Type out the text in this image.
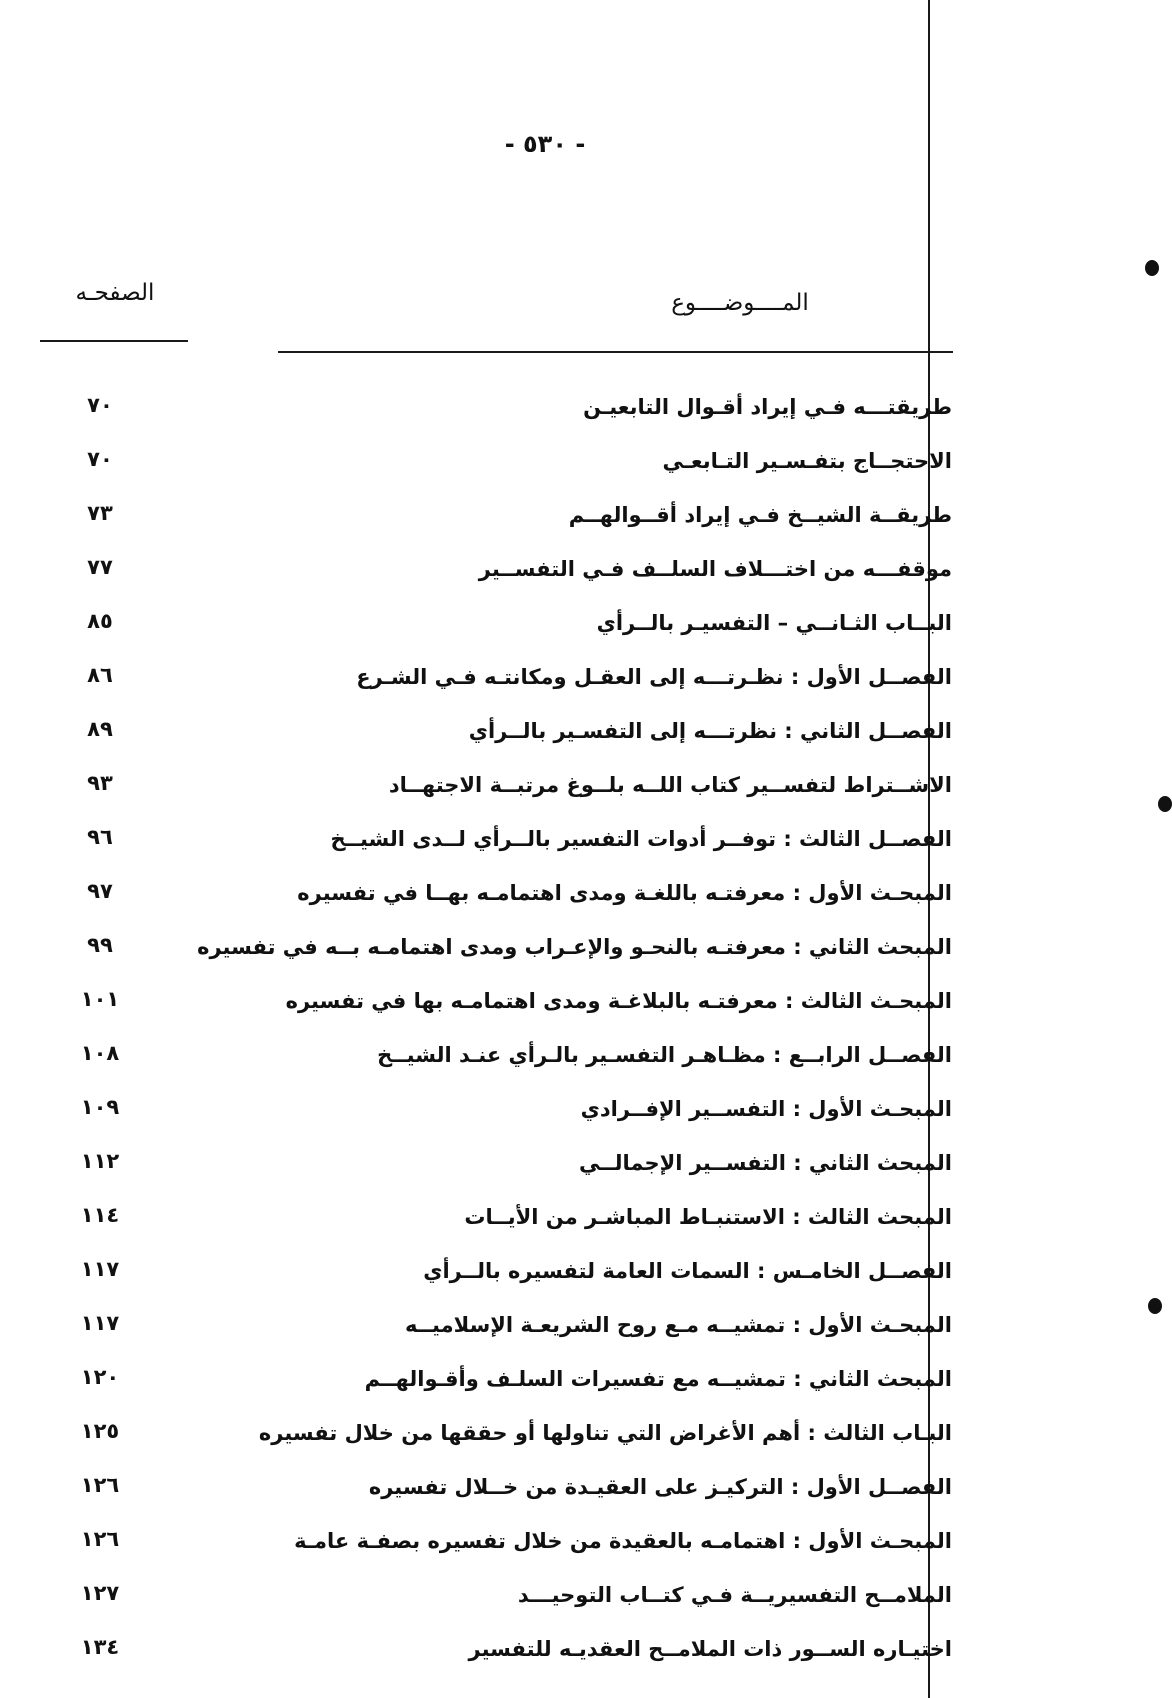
- ٥٣٠ -
المــــوضــــوع
الصفحـه
طريقتـــه فـي إيراد أقـوال التابعيـن
٧٠
الاحتجــاج بتفـسـير التـابعـي
٧٠
طريقــة الشيــخ فـي إيراد أقــوالهــم
٧٣
موقفـــه من اختـــلاف السلــف فـي التفســير
٧٧
البــاب الثـانــي – التفسيـر بالــرأي
٨٥
الفصــل الأول : نظـرتـــه إلى العقـل ومكانتـه فـي الشـرع
٨٦
الفصــل الثاني : نظرتـــه إلى التفسـير بالــرأي
٨٩
الاشــتراط لتفســير كتاب اللــه بلــوغ مرتبــة الاجتهــاد
٩٣
الفصــل الثالث : توفــر أدوات التفسير بالــرأي لــدى الشيــخ
٩٦
المبحـث الأول : معرفتـه باللغـة ومدى اهتمامـه بهــا في تفسيره
٩٧
المبحث الثاني : معرفتـه بالنحـو والإعـراب ومدى اهتمامـه بــه في تفسيره
٩٩
المبحـث الثالث : معرفتـه بالبلاغـة ومدى اهتمامـه بها في تفسيره
١٠١
الفصــل الرابــع : مظـاهـر التفسـير بالـرأي عنـد الشيــخ
١٠٨
المبحـث الأول : التفســير الإفــرادي
١٠٩
المبحث الثاني : التفســير الإجمالــي
١١٢
المبحث الثالث : الاستنبـاط المباشـر من الأيــات
١١٤
الفصــل الخامـس : السمات العامة لتفسيره بالــرأي
١١٧
المبحـث الأول : تمشيــه مـع روح الشريعـة الإسلاميــه
١١٧
المبحث الثاني : تمشيــه مع تفسيرات السلـف وأقـوالهــم
١٢٠
البـاب الثالث : أهم الأغراض التي تناولها أو حققها من خلال تفسيره
١٢٥
الفصــل الأول : التركيـز على العقيـدة من خــلال تفسيره
١٢٦
المبحـث الأول : اهتمامـه بالعقيدة من خلال تفسيره بصفـة عامـة
١٢٦
الملامــح التفسيريــة فـي كتــاب التوحيـــد
١٢٧
اختيـاره الســور ذات الملامــح العقديـه للتفسير
١٣٤
